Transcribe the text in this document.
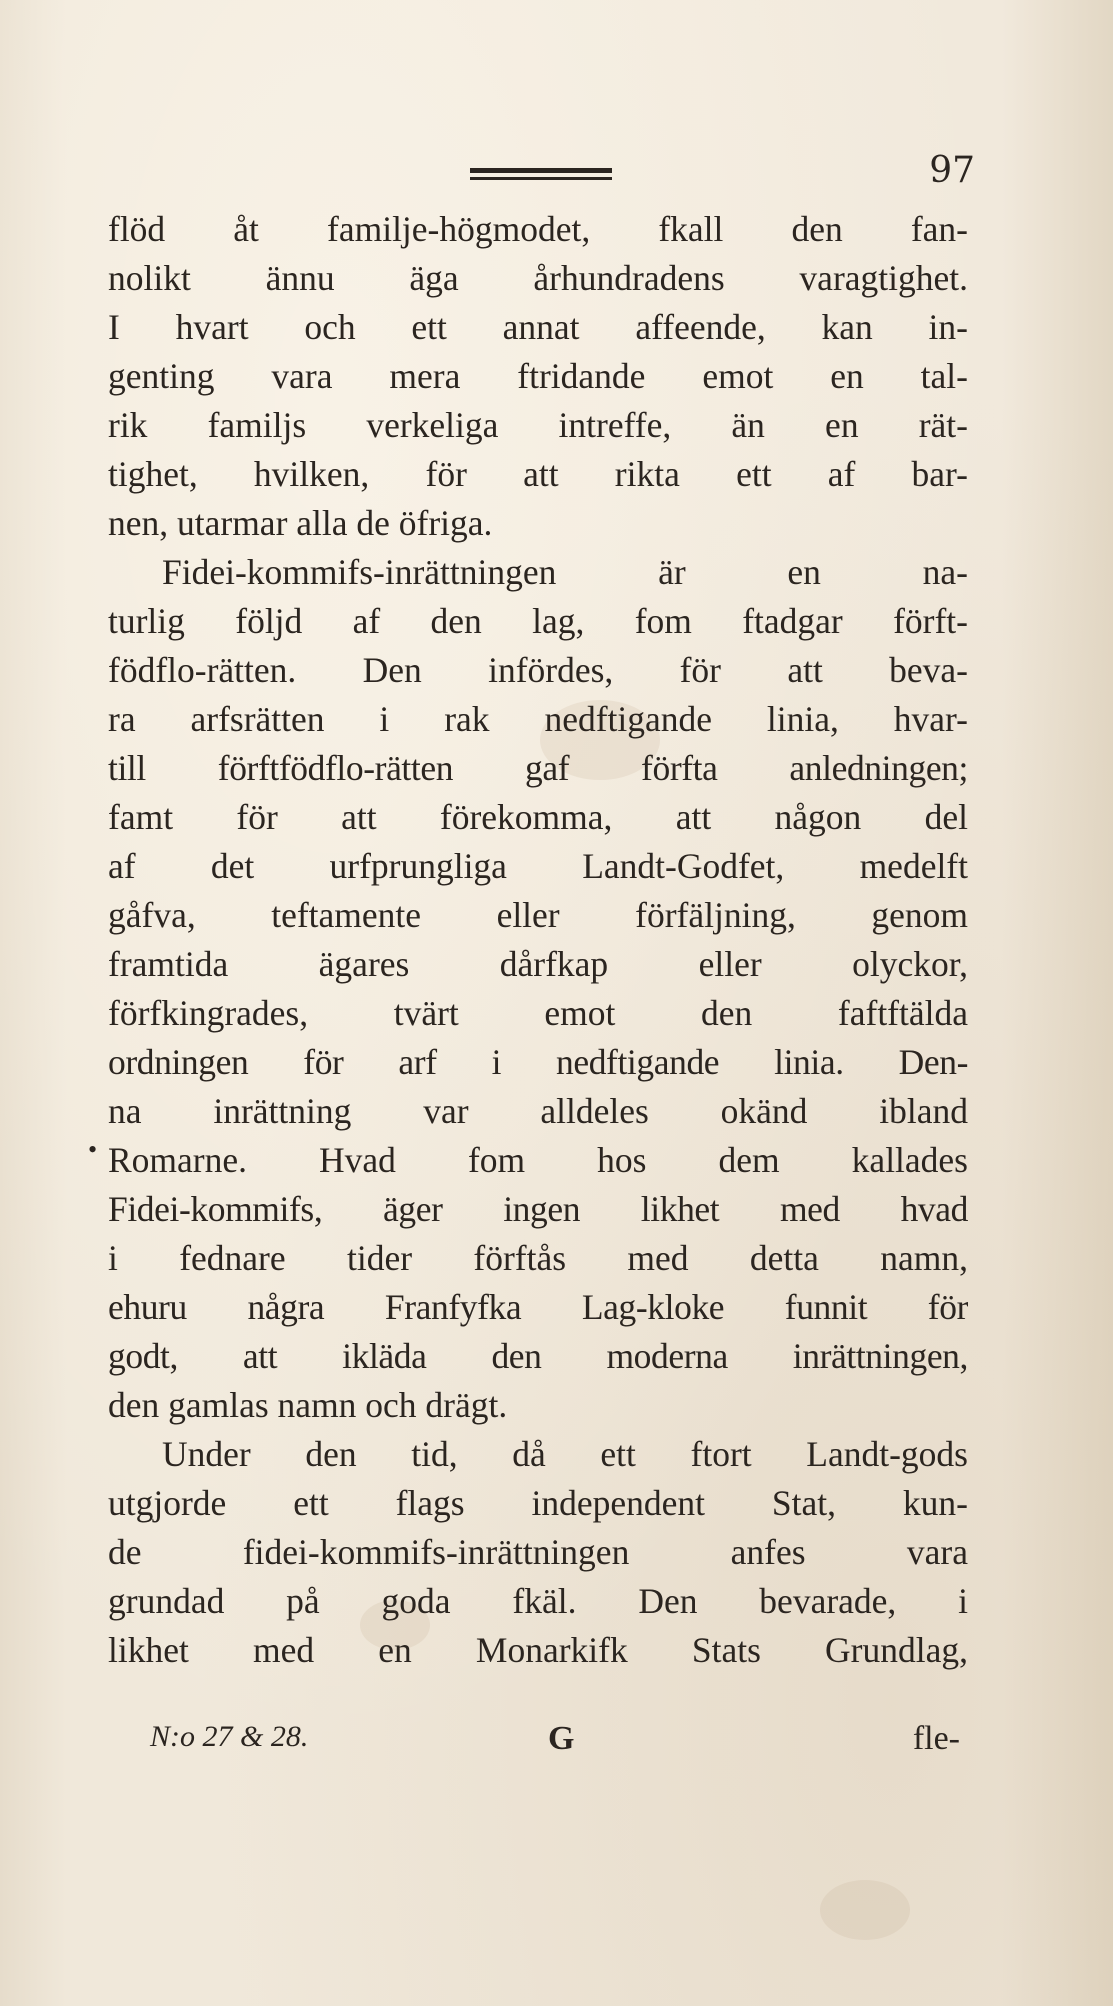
97
•
flöd åt familje-högmodet, fkall den fan-
nolikt ännu äga århundradens varagtighet.
I hvart och ett annat affeende, kan in-
genting vara mera ftridande emot en tal-
rik familjs verkeliga intreffe, än en rät-
tighet, hvilken, för att rikta ett af bar-
nen, utarmar alla de öfriga.
Fidei-kommifs-inrättningen är en na-
turlig följd af den lag, fom ftadgar förft-
födflo-rätten. Den infördes, för att beva-
ra arfsrätten i rak nedftigande linia, hvar-
till förftfödflo-rätten gaf förfta anledningen;
famt för att förekomma, att någon del
af det urfprungliga Landt-Godfet, medelft
gåfva, teftamente eller förfäljning, genom
framtida ägares dårfkap eller olyckor,
förfkingrades, tvärt emot den faftftälda
ordningen för arf i nedftigande linia. Den-
na inrättning var alldeles okänd ibland
Romarne. Hvad fom hos dem kallades
Fidei-kommifs, äger ingen likhet med hvad
i fednare tider förftås med detta namn,
ehuru några Franfyfka Lag-kloke funnit för
godt, att ikläda den moderna inrättningen,
den gamlas namn och drägt.
Under den tid, då ett ftort Landt-gods
utgjorde ett flags independent Stat, kun-
de fidei-kommifs-inrättningen anfes vara
grundad på goda fkäl. Den bevarade, i
likhet med en Monarkifk Stats Grundlag,
N:o 27 & 28.	G	fle-
